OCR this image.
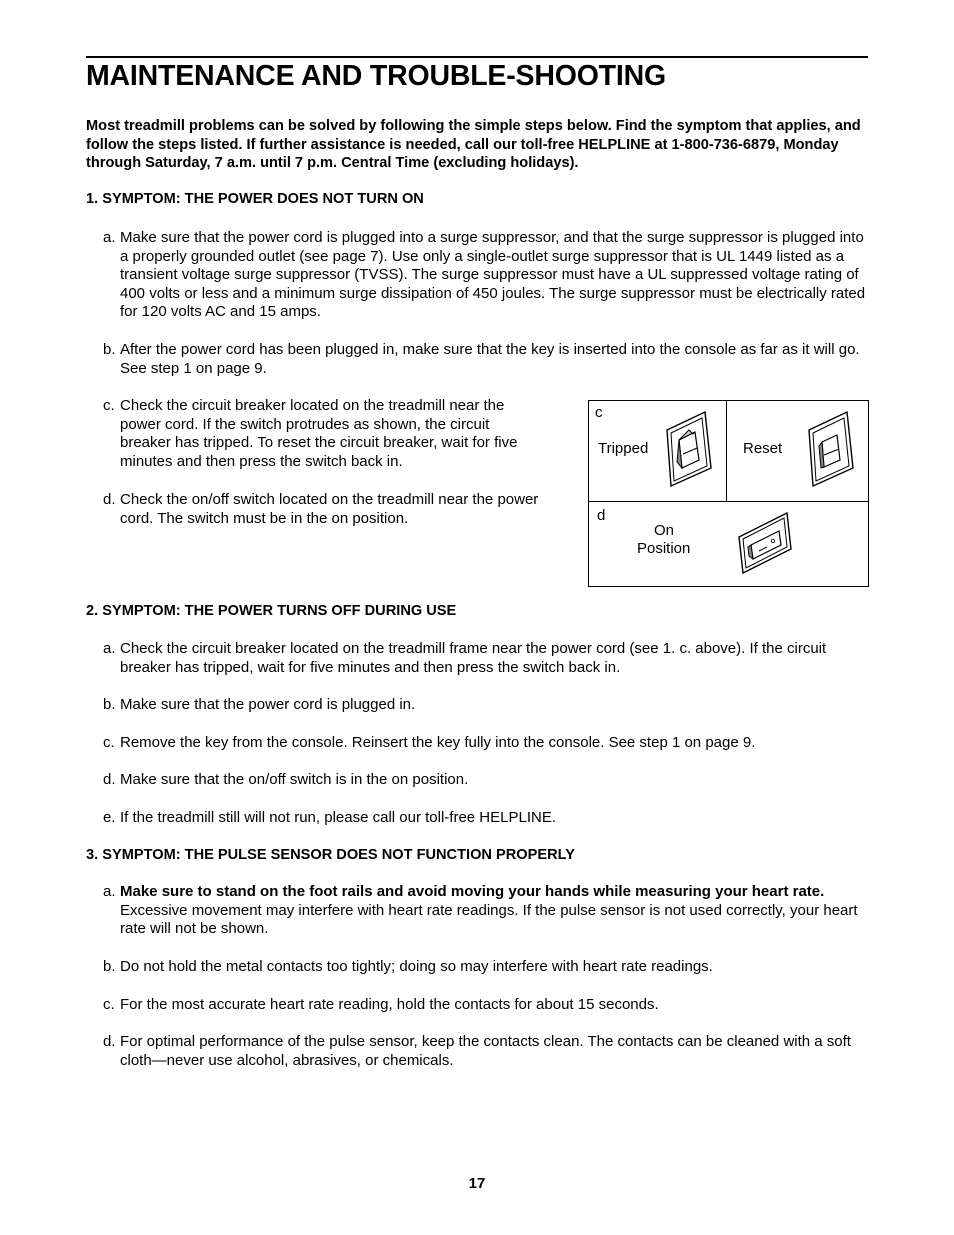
MAINTENANCE AND TROUBLE-SHOOTING

Most treadmill problems can be solved by following the simple steps below. Find the symptom that applies, and follow the steps listed. If further assistance is needed, call our toll-free HELPLINE at 1-800-736-6879, Monday through Saturday, 7 a.m. until 7 p.m. Central Time (excluding holidays).

1. SYMPTOM: THE POWER DOES NOT TURN ON
a. Make sure that the power cord is plugged into a surge suppressor, and that the surge suppressor is plugged into a properly grounded outlet (see page 7). Use only a single-outlet surge suppressor that is UL 1449 listed as a transient voltage surge suppressor (TVSS). The surge suppressor must have a UL suppressed voltage rating of 400 volts or less and a minimum surge dissipation of 450 joules. The surge suppressor must be electrically rated for 120 volts AC and 15 amps.
b. After the power cord has been plugged in, make sure that the key is inserted into the console as far as it will go. See step 1 on page 9.
c. Check the circuit breaker located on the treadmill near the power cord. If the switch protrudes as shown, the circuit breaker has tripped. To reset the circuit breaker, wait for five minutes and then press the switch back in.
d. Check the on/off switch located on the treadmill near the power cord. The switch must be in the on position.
c
Tripped	Reset
d
On
Position
2. SYMPTOM: THE POWER TURNS OFF DURING USE
a. Check the circuit breaker located on the treadmill frame near the power cord (see 1. c. above). If the circuit breaker has tripped, wait for five minutes and then press the switch back in.
b. Make sure that the power cord is plugged in.
c. Remove the key from the console. Reinsert the key fully into the console. See step 1 on page 9.
d. Make sure that the on/off switch is in the on position.
e. If the treadmill still will not run, please call our toll-free HELPLINE.
3. SYMPTOM: THE PULSE SENSOR DOES NOT FUNCTION PROPERLY
a. Make sure to stand on the foot rails and avoid moving your hands while measuring your heart rate.
Excessive movement may interfere with heart rate readings. If the pulse sensor is not used correctly, your heart rate will not be shown.
b. Do not hold the metal contacts too tightly; doing so may interfere with heart rate readings.
c. For the most accurate heart rate reading, hold the contacts for about 15 seconds.
d. For optimal performance of the pulse sensor, keep the contacts clean. The contacts can be cleaned with a soft cloth—never use alcohol, abrasives, or chemicals.
17
